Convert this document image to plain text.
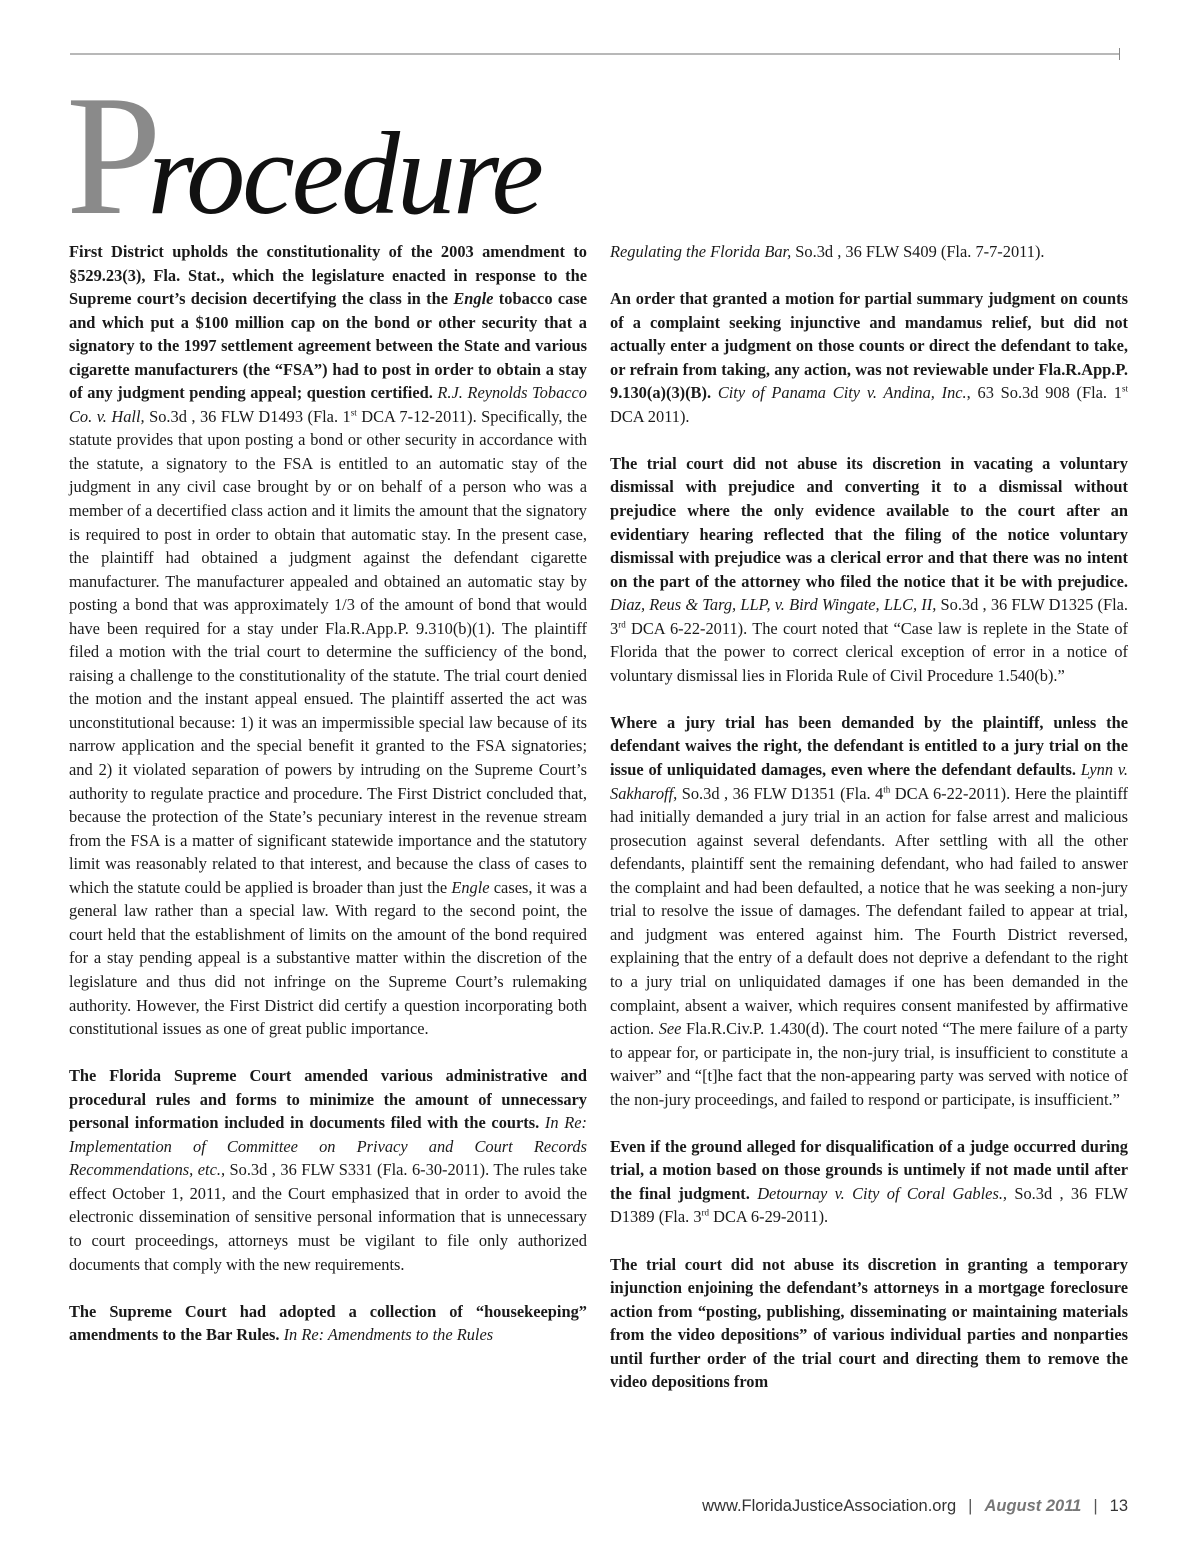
Procedure

First District upholds the constitutionality of the 2003 amendment to §529.23(3), Fla. Stat., which the legislature enacted in response to the Supreme court’s decision decertifying the class in the Engle tobacco case and which put a $100 million cap on the bond or other security that a signatory to the 1997 settlement agreement between the State and various cigarette manufacturers (the “FSA”) had to post in order to obtain a stay of any judgment pending appeal; question certified. R.J. Reynolds Tobacco Co. v. Hall, So.3d , 36 FLW D1493 (Fla. 1st DCA 7-12-2011). Specifically, the statute provides that upon posting a bond or other security in accordance with the statute, a signatory to the FSA is entitled to an automatic stay of the judgment in any civil case brought by or on behalf of a person who was a member of a decertified class action and it limits the amount that the signatory is required to post in order to obtain that automatic stay. In the present case, the plaintiff had obtained a judgment against the defendant cigarette manufacturer. The manufacturer appealed and obtained an automatic stay by posting a bond that was approximately 1/3 of the amount of bond that would have been required for a stay under Fla.R.App.P. 9.310(b)(1). The plaintiff filed a motion with the trial court to determine the sufficiency of the bond, raising a challenge to the constitutionality of the statute. The trial court denied the motion and the instant appeal ensued. The plaintiff asserted the act was unconstitutional because: 1) it was an impermissible special law because of its narrow application and the special benefit it granted to the FSA signatories; and 2) it violated separation of powers by intruding on the Supreme Court’s authority to regulate practice and procedure. The First District concluded that, because the protection of the State’s pecuniary interest in the revenue stream from the FSA is a matter of significant statewide importance and the statutory limit was reasonably related to that interest, and because the class of cases to which the statute could be applied is broader than just the Engle cases, it was a general law rather than a special law. With regard to the second point, the court held that the establishment of limits on the amount of the bond required for a stay pending appeal is a substantive matter within the discretion of the legislature and thus did not infringe on the Supreme Court’s rulemaking authority. However, the First District did certify a question incorporating both constitutional issues as one of great public importance.

The Florida Supreme Court amended various administrative and procedural rules and forms to minimize the amount of unnecessary personal information included in documents filed with the courts. In Re: Implementation of Committee on Privacy and Court Records Recommendations, etc., So.3d , 36 FLW S331 (Fla. 6-30-2011). The rules take effect October 1, 2011, and the Court emphasized that in order to avoid the electronic dissemination of sensitive personal information that is unnecessary to court proceedings, attorneys must be vigilant to file only authorized documents that comply with the new requirements.

The Supreme Court had adopted a collection of “housekeeping” amendments to the Bar Rules. In Re: Amendments to the Rules

Regulating the Florida Bar, So.3d , 36 FLW S409 (Fla. 7-7-2011).

An order that granted a motion for partial summary judgment on counts of a complaint seeking injunctive and mandamus relief, but did not actually enter a judgment on those counts or direct the defendant to take, or refrain from taking, any action, was not reviewable under Fla.R.App.P. 9.130(a)(3)(B). City of Panama City v. Andina, Inc., 63 So.3d 908 (Fla. 1st DCA 2011).

The trial court did not abuse its discretion in vacating a voluntary dismissal with prejudice and converting it to a dismissal without prejudice where the only evidence available to the court after an evidentiary hearing reflected that the filing of the notice voluntary dismissal with prejudice was a clerical error and that there was no intent on the part of the attorney who filed the notice that it be with prejudice. Diaz, Reus & Targ, LLP, v. Bird Wingate, LLC, II, So.3d , 36 FLW D1325 (Fla. 3rd DCA 6-22-2011). The court noted that “Case law is replete in the State of Florida that the power to correct clerical exception of error in a notice of voluntary dismissal lies in Florida Rule of Civil Procedure 1.540(b).”

Where a jury trial has been demanded by the plaintiff, unless the defendant waives the right, the defendant is entitled to a jury trial on the issue of unliquidated damages, even where the defendant defaults. Lynn v. Sakharoff, So.3d , 36 FLW D1351 (Fla. 4th DCA 6-22-2011). Here the plaintiff had initially demanded a jury trial in an action for false arrest and malicious prosecution against several defendants. After settling with all the other defendants, plaintiff sent the remaining defendant, who had failed to answer the complaint and had been defaulted, a notice that he was seeking a non-jury trial to resolve the issue of damages. The defendant failed to appear at trial, and judgment was entered against him. The Fourth District reversed, explaining that the entry of a default does not deprive a defendant to the right to a jury trial on unliquidated damages if one has been demanded in the complaint, absent a waiver, which requires consent manifested by affirmative action. See Fla.R.Civ.P. 1.430(d). The court noted “The mere failure of a party to appear for, or participate in, the non-jury trial, is insufficient to constitute a waiver” and “[t]he fact that the non-appearing party was served with notice of the non-jury proceedings, and failed to respond or participate, is insufficient.”

Even if the ground alleged for disqualification of a judge occurred during trial, a motion based on those grounds is untimely if not made until after the final judgment. Detournay v. City of Coral Gables., So.3d , 36 FLW D1389 (Fla. 3rd DCA 6-29-2011).

The trial court did not abuse its discretion in granting a temporary injunction enjoining the defendant’s attorneys in a mortgage foreclosure action from “posting, publishing, disseminating or maintaining materials from the video depositions” of various individual parties and nonparties until further order of the trial court and directing them to remove the video depositions from

www.FloridaJusticeAssociation.org | August 2011 | 13
